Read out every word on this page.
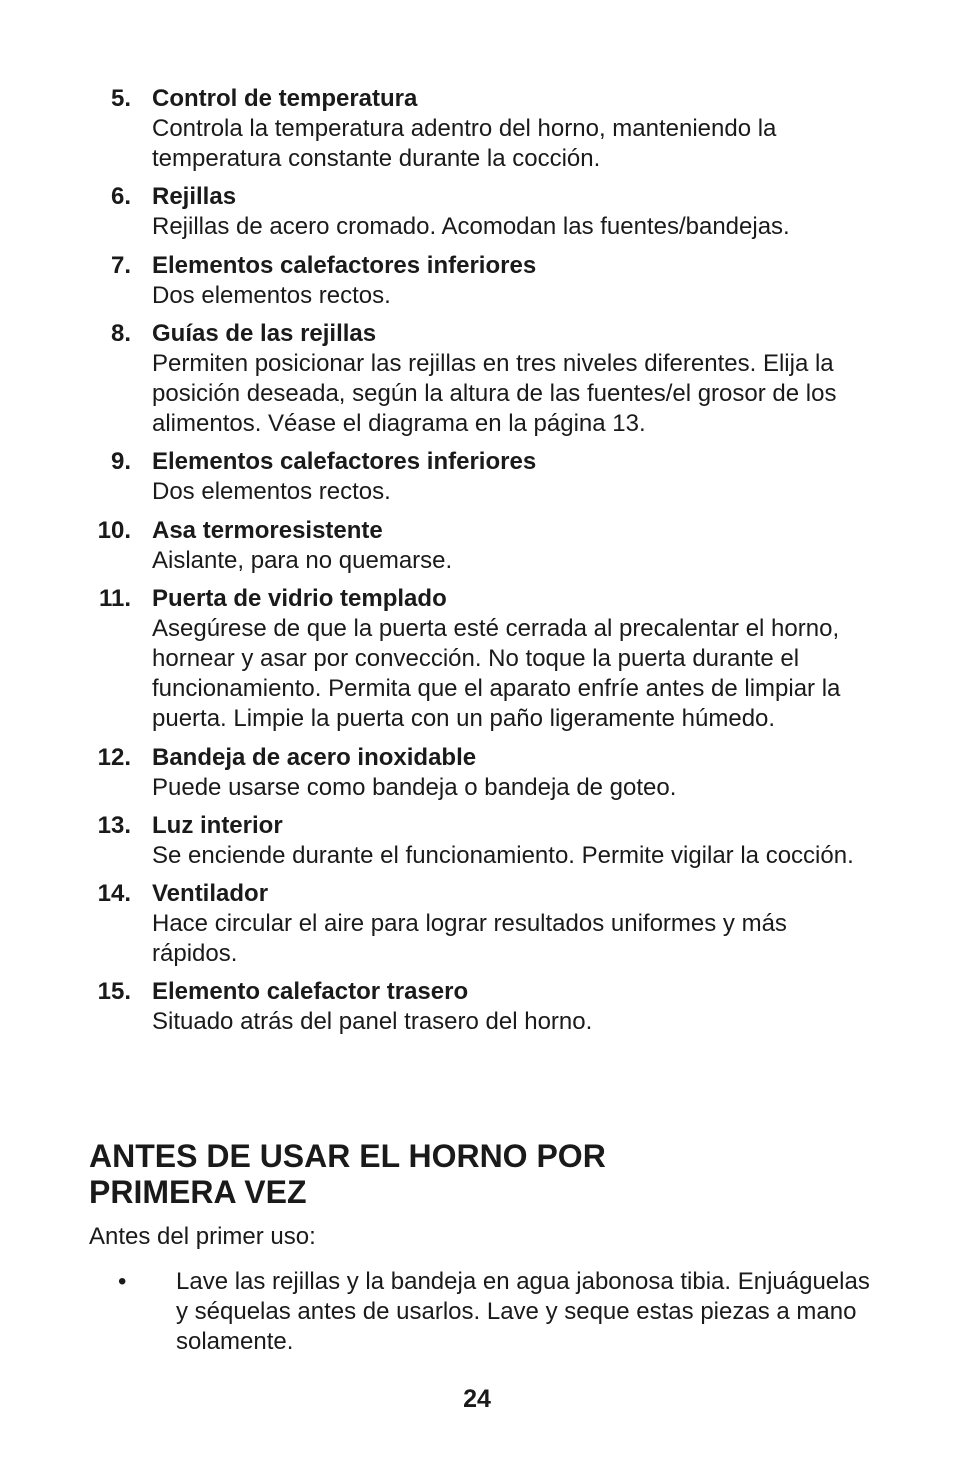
5. Control de temperatura
Controla la temperatura adentro del horno, manteniendo la temperatura constante durante la cocción.
6. Rejillas
Rejillas de acero cromado. Acomodan las fuentes/bandejas.
7. Elementos calefactores inferiores
Dos elementos rectos.
8. Guías de las rejillas
Permiten posicionar las rejillas en tres niveles diferentes. Elija la posición deseada, según la altura de las fuentes/el grosor de los alimentos. Véase el diagrama en la página 13.
9. Elementos calefactores inferiores
Dos elementos rectos.
10. Asa termoresistente
Aislante, para no quemarse.
11. Puerta de vidrio templado
Asegúrese de que la puerta esté cerrada al precalentar el horno, hornear y asar por convección. No toque la puerta durante el funcionamiento. Permita que el aparato enfríe antes de limpiar la puerta. Limpie la puerta con un paño ligeramente húmedo.
12. Bandeja de acero inoxidable
Puede usarse como bandeja o bandeja de goteo.
13. Luz interior
Se enciende durante el funcionamiento. Permite vigilar la cocción.
14. Ventilador
Hace circular el aire para lograr resultados uniformes y más rápidos.
15. Elemento calefactor trasero
Situado atrás del panel trasero del horno.
ANTES DE USAR EL HORNO POR
PRIMERA VEZ

Antes del primer uso:

• Lave las rejillas y la bandeja en agua jabonosa tibia. Enjuáguelas y séquelas antes de usarlos. Lave y seque estas piezas a mano solamente.
24
